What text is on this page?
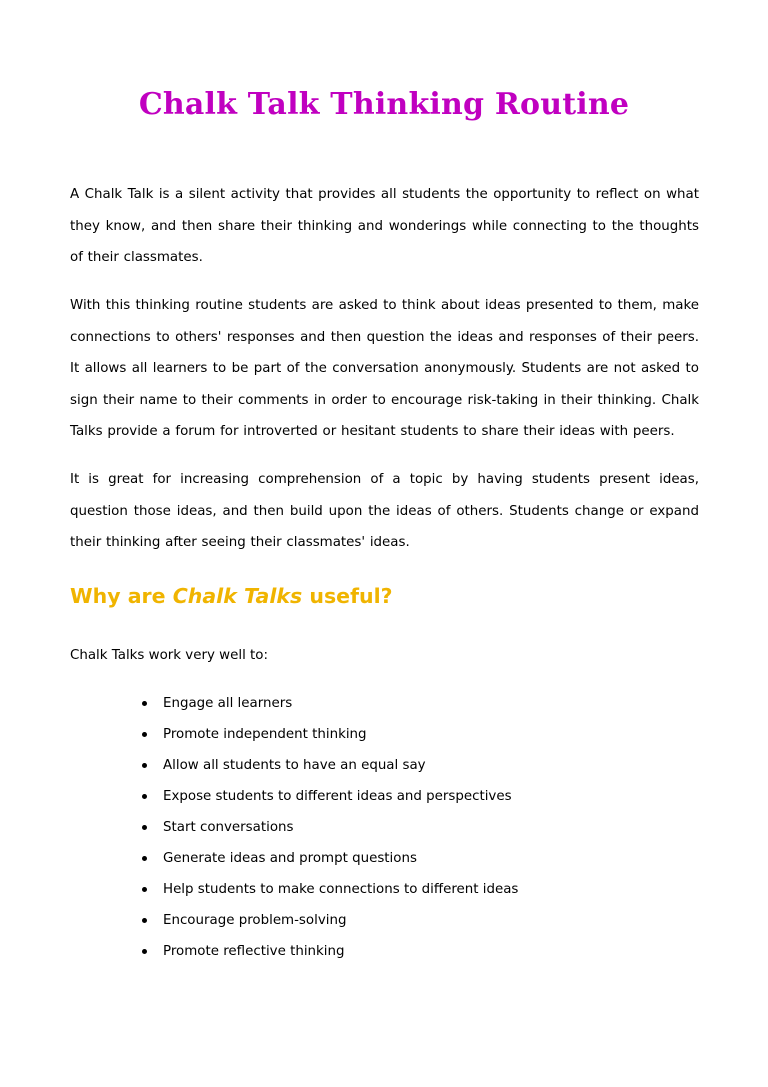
Chalk Talk Thinking Routine

A Chalk Talk is a silent activity that provides all students the opportunity to reflect on what they know, and then share their thinking and wonderings while connecting to the thoughts of their classmates.

With this thinking routine students are asked to think about ideas presented to them, make connections to others' responses and then question the ideas and responses of their peers. It allows all learners to be part of the conversation anonymously. Students are not asked to sign their name to their comments in order to encourage risk-taking in their thinking. Chalk Talks provide a forum for introverted or hesitant students to share their ideas with peers.

It is great for increasing comprehension of a topic by having students present ideas, question those ideas, and then build upon the ideas of others. Students change or expand their thinking after seeing their classmates' ideas.

Why are Chalk Talks useful?

Chalk Talks work very well to:

Engage all learners
Promote independent thinking
Allow all students to have an equal say
Expose students to different ideas and perspectives
Start conversations
Generate ideas and prompt questions
Help students to make connections to different ideas
Encourage problem-solving
Promote reflective thinking
